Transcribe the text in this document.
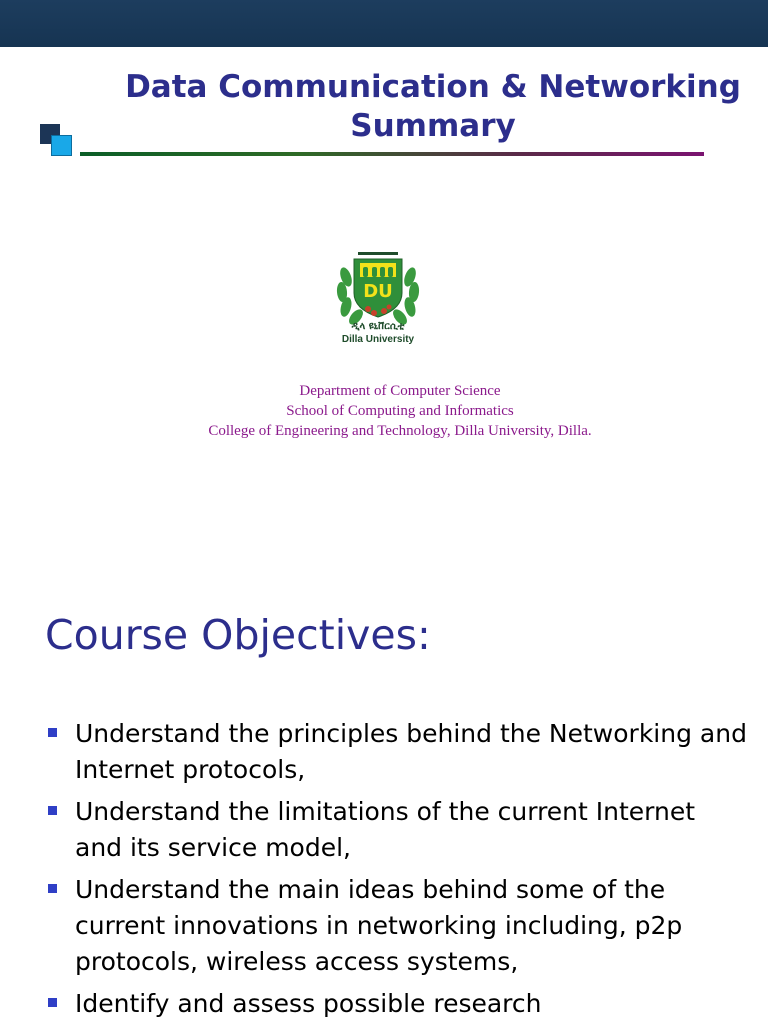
Data Communication & Networking
Summary
DU
ዲላ ዩኒቨርሲቲ
Dilla University
Department of Computer Science
School of Computing and Informatics
College of Engineering and Technology, Dilla University, Dilla.
Course Objectives:
Understand the principles behind the Networking and Internet protocols,
Understand the limitations of the current Internet and its service model,
Understand the main ideas behind some of the current innovations in networking including, p2p protocols, wireless access systems,
Identify and assess possible research
